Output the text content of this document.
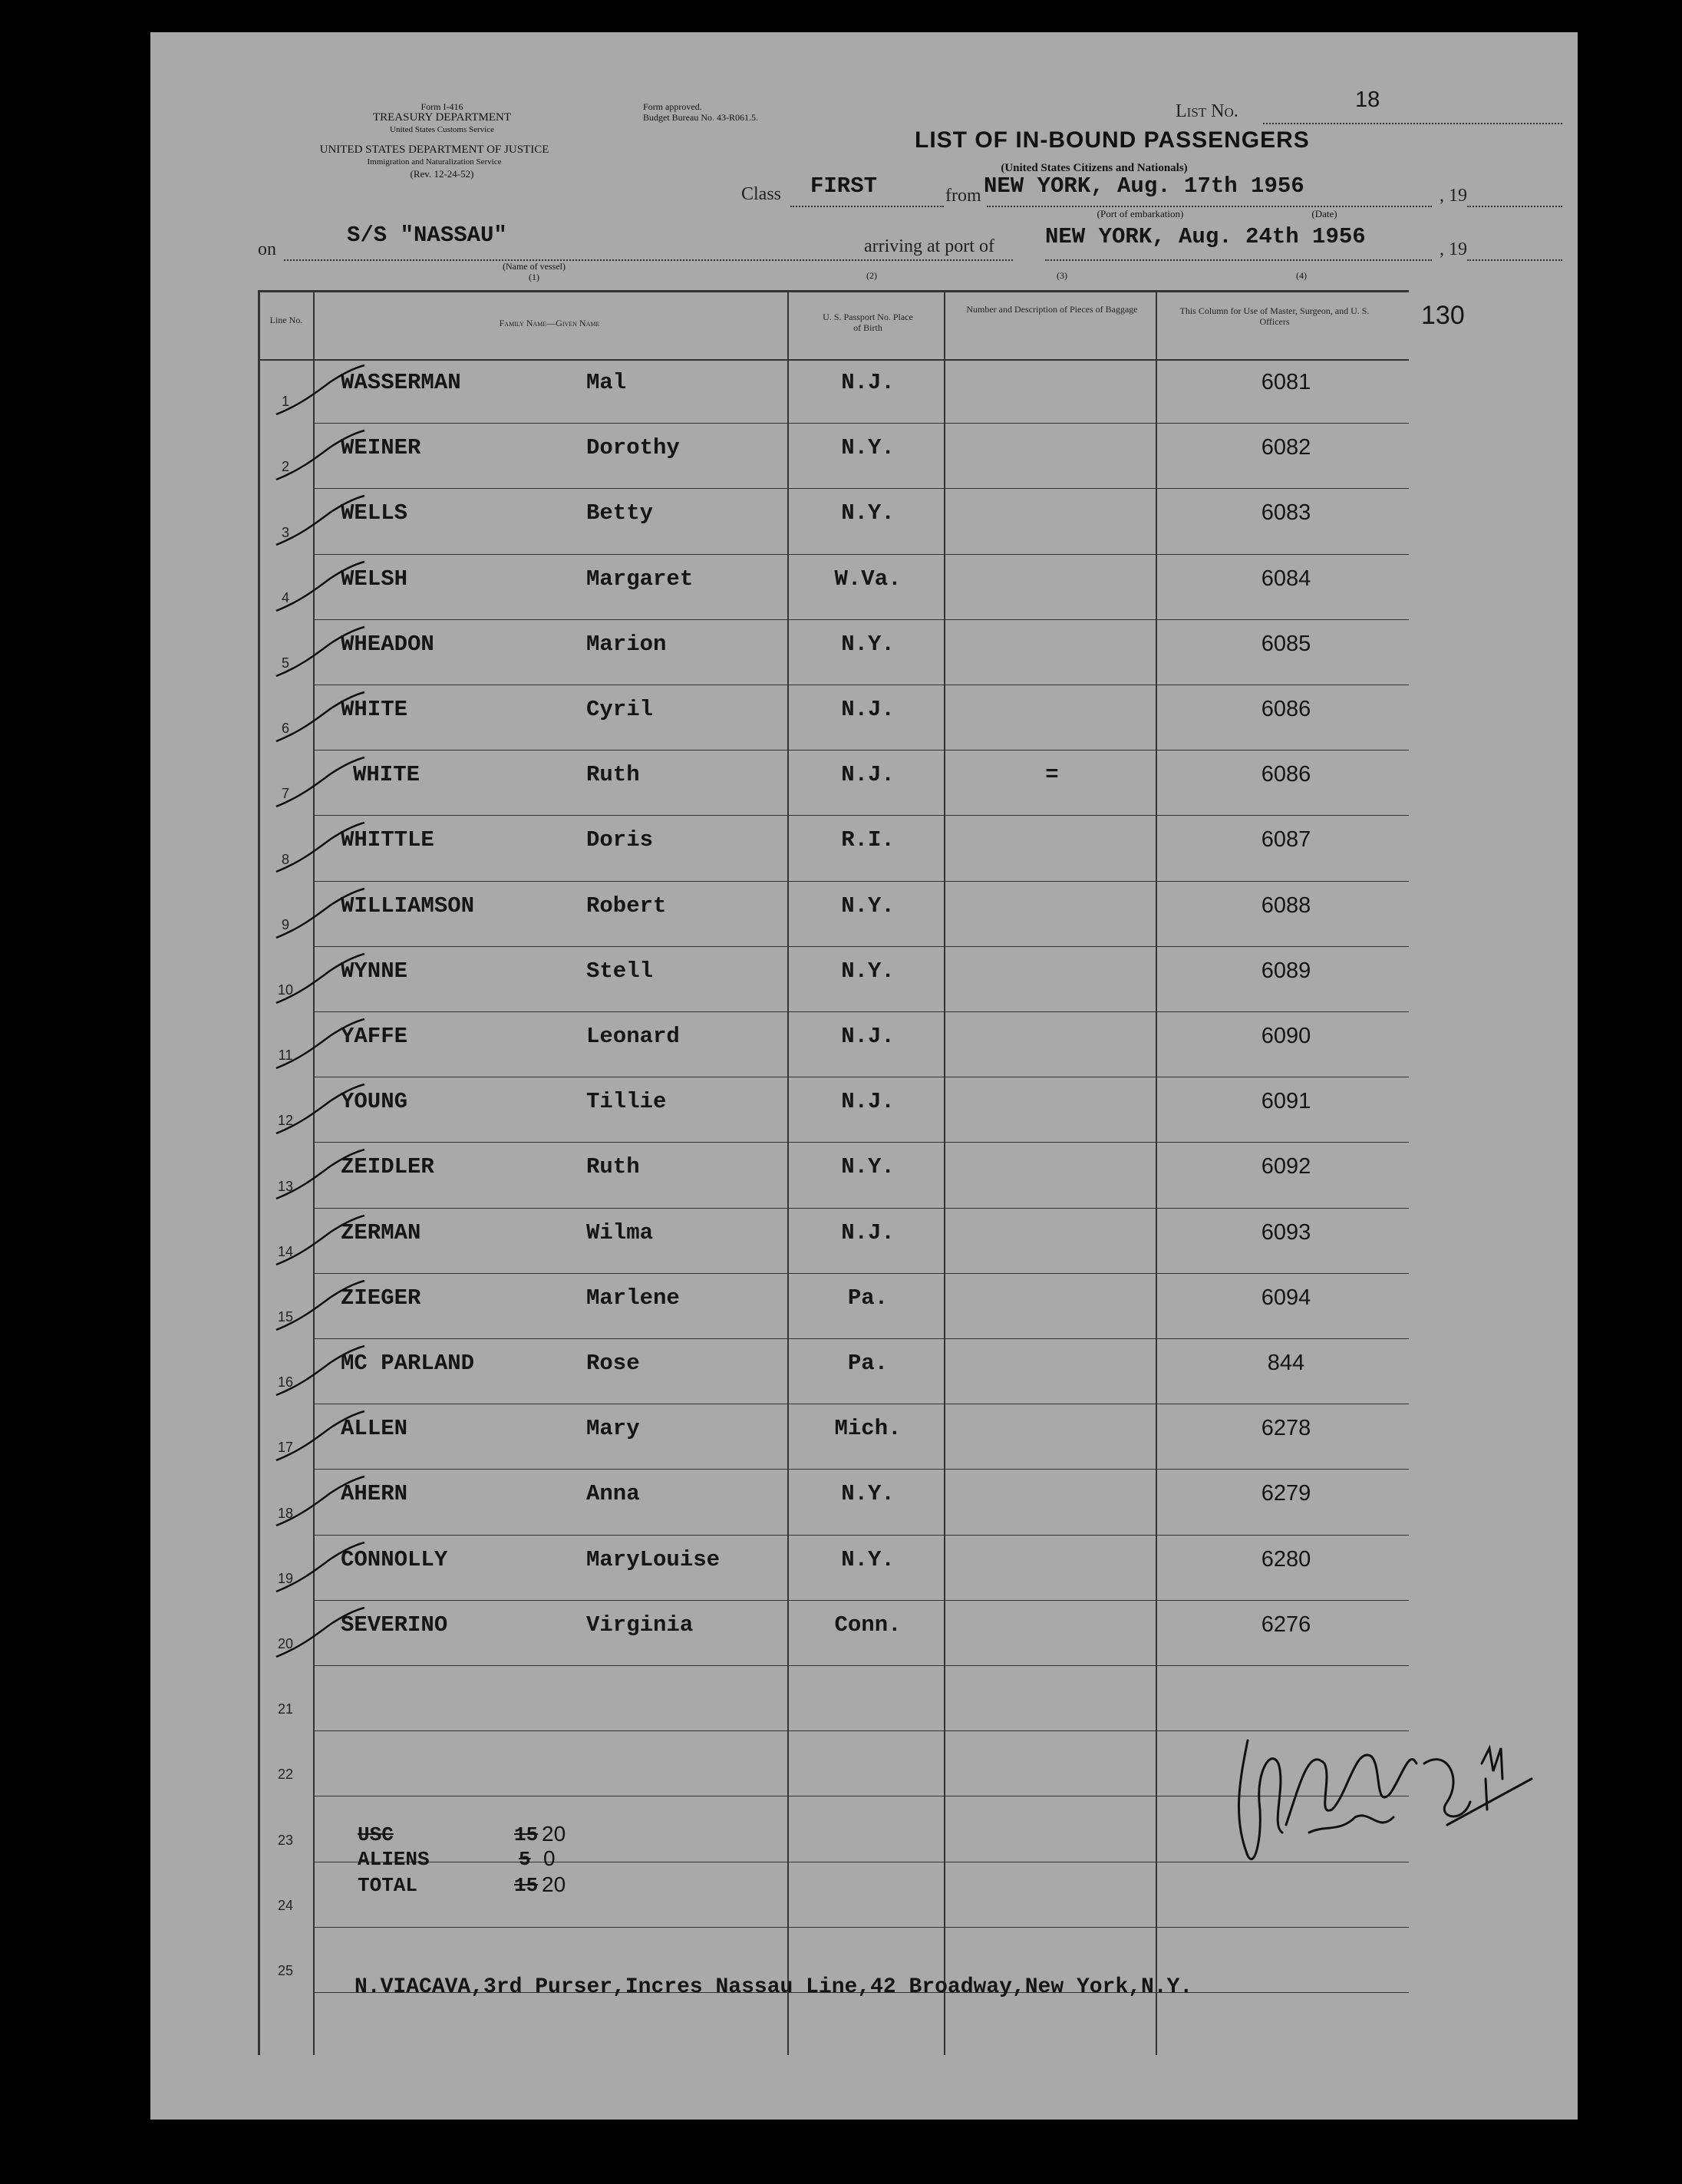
Form I-416
TREASURY DEPARTMENT
United States Customs Service
UNITED STATES DEPARTMENT OF JUSTICE
Immigration and Naturalization Service
(Rev. 12-24-52)
Form approved.
Budget Bureau No. 43-R061.5.	List No.	18
LIST OF IN-BOUND PASSENGERS
(United States Citizens and Nationals)
Class FIRST	from NEW YORK, Aug. 17th 1956	, 19
(Port of embarkation)	(Date)
on
S/S "NASSAU"	arriving at port of NEW YORK, Aug. 24th 1956	, 19
(Name of vessel)
(1)	(2)	(3)	(4)
130
Line No.	Family Name—Given Name
U. S. Passport No. Place of Birth
Number and Description of Pieces of Baggage	This Column for Use of Master, Surgeon, and U. S. Officers
1
WASSERMAN	Mal	N.J.	6081
2
WEINER	Dorothy	N.Y.	6082
3
WELLS	Betty	N.Y.	6083
4
WELSH	Margaret	W.Va.	6084
5
WHEADON	Marion	N.Y.	6085
6
WHITE	Cyril	N.J.	6086
7
WHITE	Ruth	N.J.	=	6086
8
WHITTLE	Doris	R.I.	6087
9
WILLIAMSON	Robert	N.Y.	6088
10
WYNNE	Stell	N.Y.	6089
11
YAFFE	Leonard	N.J.	6090
12
YOUNG	Tillie	N.J.	6091
13
ZEIDLER	Ruth	N.Y.	6092
14
ZERMAN	Wilma	N.J.	6093
15
ZIEGER	Marlene	Pa.	6094
16
MC PARLAND	Rose	Pa.	844
17
ALLEN	Mary	Mich.	6278
18
AHERN	Anna	N.Y.	6279
19
CONNOLLY	MaryLouise	N.Y.	6280
20
SEVERINO	Virginia	Conn.	6276
21
22
23
24
25
USC	15 20
ALIENS	5 0
TOTAL	15 20
N.VIACAVA,3rd Purser,Incres Nassau Line,42 Broadway,New York,N.Y.
